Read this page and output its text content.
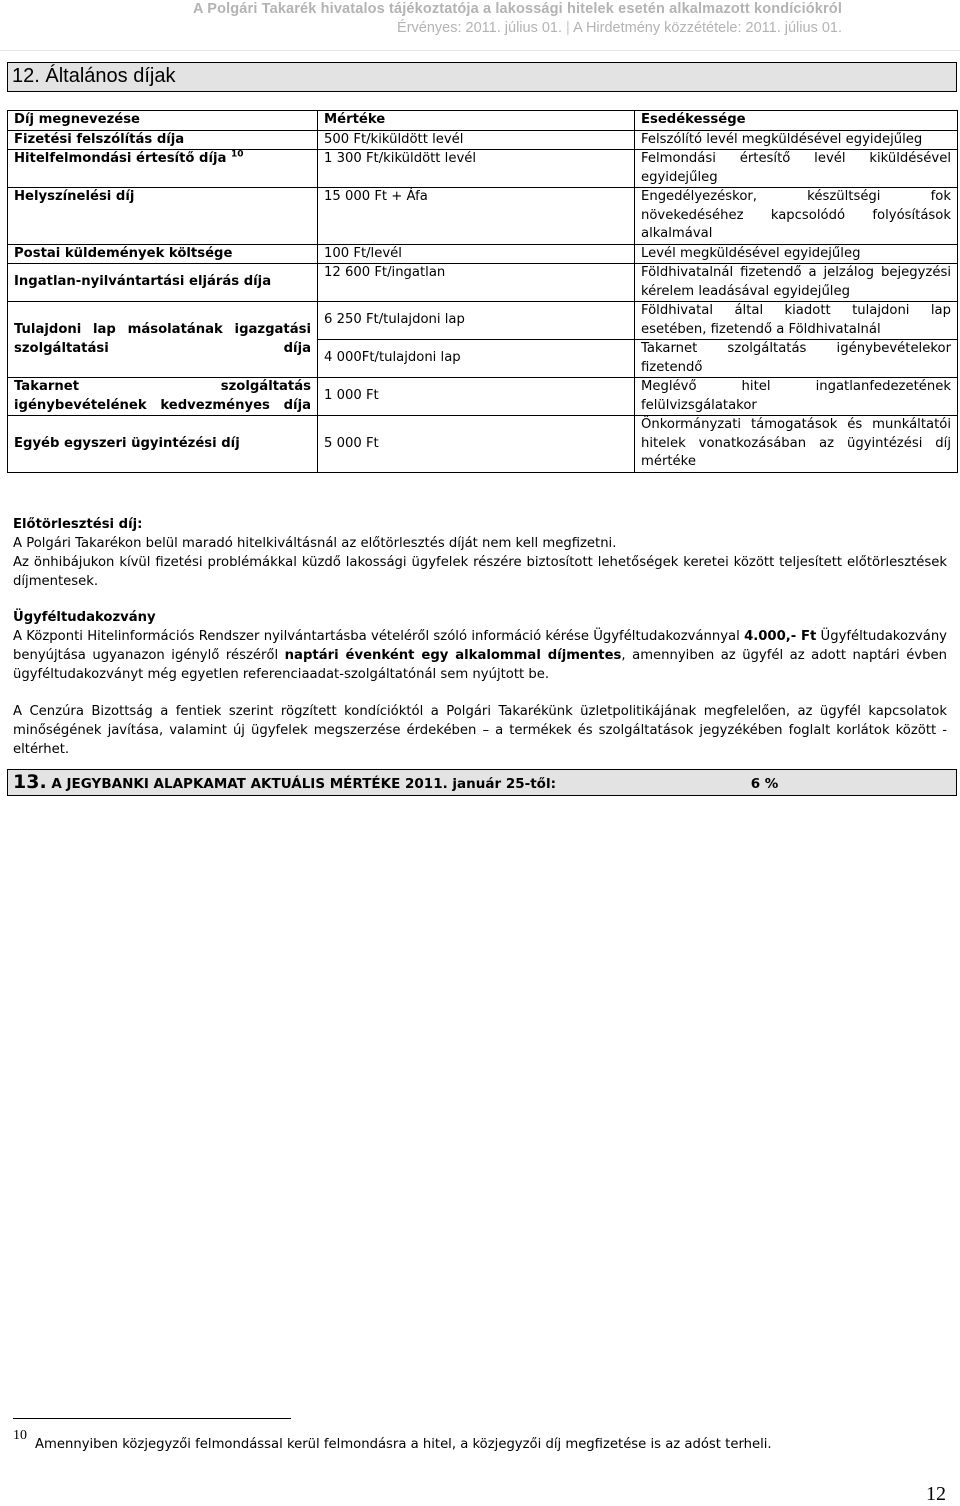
A Polgári Takarék hivatalos tájékoztatója a lakossági hitelek esetén alkalmazott kondíciókról
Érvényes: 2011. július 01. | A Hirdetmény közzététele: 2011. július 01.
12. Általános díjak
Díj megnevezése	Mértéke	Esedékessége
Fizetési felszólítás díja	500 Ft/kiküldött levél	Felszólító levél megküldésével egyidejűleg
Hitelfelmondási értesítő díja $^{10}$	1 300 Ft/kiküldött levél	Felmondási értesítő levél kiküldésével egyidejűleg
Helyszínelési díj	15 000 Ft + Áfa	Engedélyezéskor, készültségi fok növekedéséhez kapcsolódó folyósítások alkalmával
Postai küldemények költsége	100 Ft/levél	Levél megküldésével egyidejűleg
Ingatlan-nyilvántartási eljárás díja	12 600 Ft/ingatlan	Földhivatalnál fizetendő a jelzálog bejegyzési kérelem leadásával egyidejűleg
Tulajdoni lap másolatának igazgatási szolgáltatási díja	6 250 Ft/tulajdoni lap	Földhivatal által kiadott tulajdoni lap esetében, fizetendő a Földhivatalnál
	4 000Ft/tulajdoni lap	Takarnet szolgáltatás igénybevételekor fizetendő
Takarnet szolgáltatás igénybevételének kedvezményes díja	1 000 Ft	Meglévő hitel ingatlanfedezetének felülvizsgálatakor
Egyéb egyszeri ügyintézési díj	5 000 Ft	Önkormányzati támogatások és munkáltatói hitelek vonatkozásában az ügyintézési díj mértéke

Előtörlesztési díj:

A Polgári Takarékon belül maradó hitelkiváltásnál az előtörlesztés díját nem kell megfizetni.

Az önhibájukon kívül fizetési problémákkal küzdő lakossági ügyfelek részére biztosított lehetőségek keretei között teljesített előtörlesztések díjmentesek.

Ügyféltudakozvány

A Központi Hitelinformációs Rendszer nyilvántartásba vételéről szóló információ kérése Ügyféltudakozvánnyal 4.000,- Ft Ügyféltudakozvány benyújtása ugyanazon igénylő részéről naptári évenként egy alkalommal díjmentes, amennyiben az ügyfél az adott naptári évben ügyféltudakozványt még egyetlen referenciaadat-szolgáltatónál sem nyújtott be.

A Cenzúra Bizottság a fentiek szerint rögzített kondícióktól a Polgári Takarékünk üzletpolitikájának megfelelően, az ügyfél kapcsolatok minőségének javítása, valamint új ügyfelek megszerzése érdekében – a termékek és szolgáltatások jegyzékében foglalt korlátok között - eltérhet.

13. A JEGYBANKI ALAPKAMAT AKTUÁLIS MÉRTÉKE 2011. január 25-től:	6 %
10
Amennyiben közjegyzői felmondással kerül felmondásra a hitel, a közjegyzői díj megfizetése is az adóst terheli.
12
